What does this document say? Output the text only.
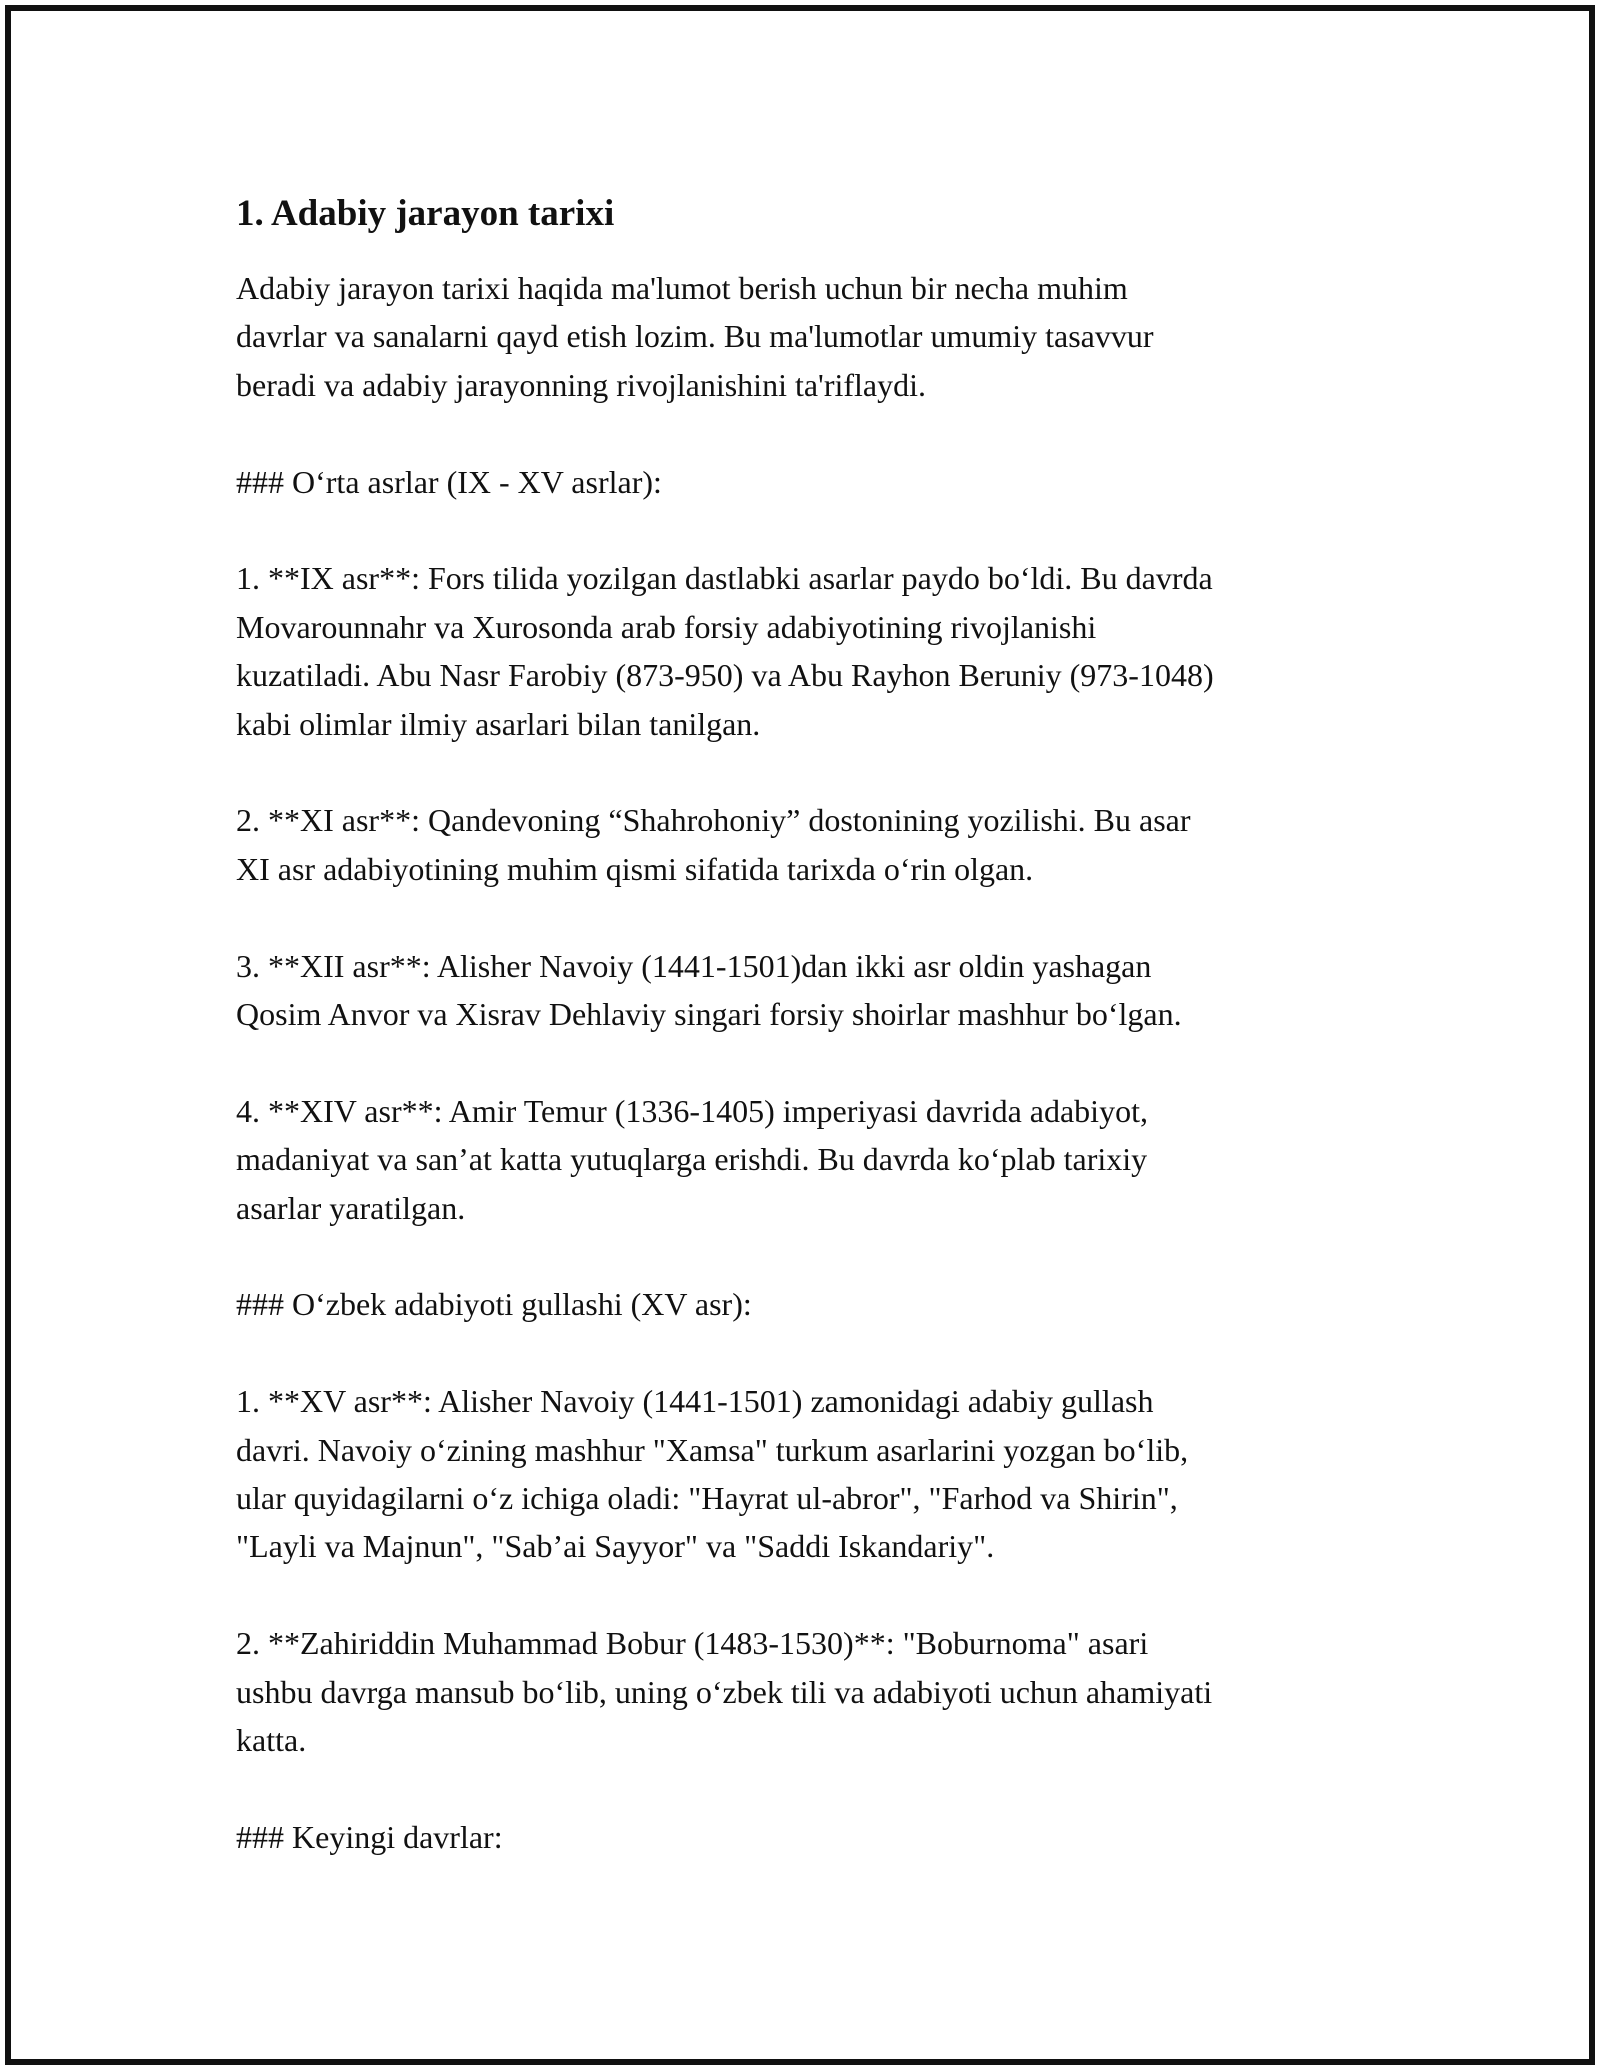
1. Adabiy jarayon tarixi

Adabiy jarayon tarixi haqida ma'lumot berish uchun bir necha muhim
davrlar va sanalarni qayd etish lozim. Bu ma'lumotlar umumiy tasavvur
beradi va adabiy jarayonning rivojlanishini ta'riflaydi.

### O‘rta asrlar (IX - XV asrlar):

1. **IX asr**: Fors tilida yozilgan dastlabki asarlar paydo bo‘ldi. Bu davrda
Movarounnahr va Xurosonda arab forsiy adabiyotining rivojlanishi
kuzatiladi. Abu Nasr Farobiy (873-950) va Abu Rayhon Beruniy (973-1048)
kabi olimlar ilmiy asarlari bilan tanilgan.

2. **XI asr**: Qandevoning “Shahrohoniy” dostonining yozilishi. Bu asar
XI asr adabiyotining muhim qismi sifatida tarixda o‘rin olgan.

3. **XII asr**: Alisher Navoiy (1441-1501)dan ikki asr oldin yashagan
Qosim Anvor va Xisrav Dehlaviy singari forsiy shoirlar mashhur bo‘lgan.

4. **XIV asr**: Amir Temur (1336-1405) imperiyasi davrida adabiyot,
madaniyat va san’at katta yutuqlarga erishdi. Bu davrda ko‘plab tarixiy
asarlar yaratilgan.

### O‘zbek adabiyoti gullashi (XV asr):

1. **XV asr**: Alisher Navoiy (1441-1501) zamonidagi adabiy gullash
davri. Navoiy o‘zining mashhur "Xamsa" turkum asarlarini yozgan bo‘lib,
ular quyidagilarni o‘z ichiga oladi: "Hayrat ul-abror", "Farhod va Shirin",
"Layli va Majnun", "Sab’ai Sayyor" va "Saddi Iskandariy".

2. **Zahiriddin Muhammad Bobur (1483-1530)**: "Boburnoma" asari
ushbu davrga mansub bo‘lib, uning o‘zbek tili va adabiyoti uchun ahamiyati
katta.

### Keyingi davrlar:
